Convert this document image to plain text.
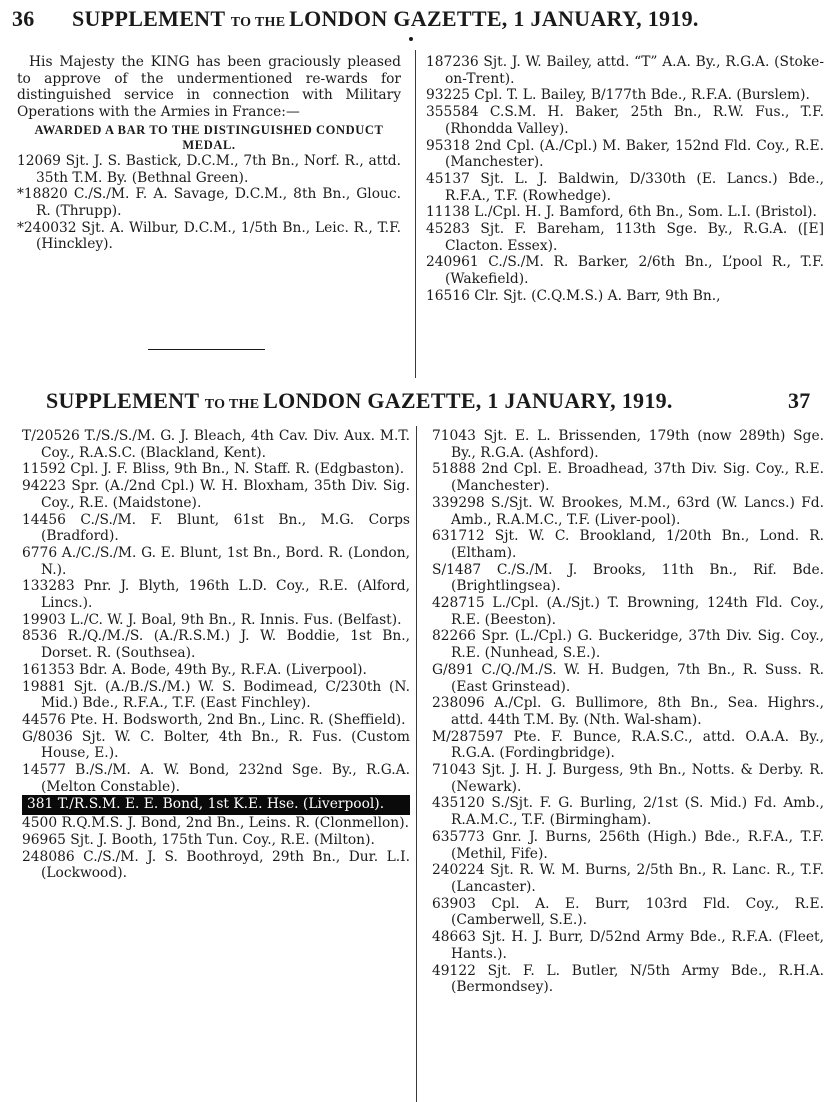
36 SUPPLEMENT TO THE LONDON GAZETTE, 1 JANUARY, 1919.

His Majesty the KING has been graciously pleased to approve of the undermentioned re-wards for distinguished service in connection with Military Operations with the Armies in France:—

AWARDED A BAR TO THE DISTINGUISHED CONDUCT MEDAL.

12069 Sjt. J. S. Bastick, D.C.M., 7th Bn., Norf. R., attd. 35th T.M. By. (Bethnal Green).

*18820 C./S./M. F. A. Savage, D.C.M., 8th Bn., Glouc. R. (Thrupp).

*240032 Sjt. A. Wilbur, D.C.M., 1/5th Bn., Leic. R., T.F. (Hinckley).

187236 Sjt. J. W. Bailey, attd. “T” A.A. By., R.G.A. (Stoke-on-Trent).

93225 Cpl. T. L. Bailey, B/177th Bde., R.F.A. (Burslem).

355584 C.S.M. H. Baker, 25th Bn., R.W. Fus., T.F. (Rhondda Valley).

95318 2nd Cpl. (A./Cpl.) M. Baker, 152nd Fld. Coy., R.E. (Manchester).

45137 Sjt. L. J. Baldwin, D/330th (E. Lancs.) Bde., R.F.A., T.F. (Rowhedge).

11138 L./Cpl. H. J. Bamford, 6th Bn., Som. L.I. (Bristol).

45283 Sjt. F. Bareham, 113th Sge. By., R.G.A. ([E] Clacton. Essex).

240961 C./S./M. R. Barker, 2/6th Bn., L’pool R., T.F. (Wakefield).

16516 Clr. Sjt. (C.Q.M.S.) A. Barr, 9th Bn.,

SUPPLEMENT TO THE LONDON GAZETTE, 1 JANUARY, 1919.	37

T/20526 T./S./S./M. G. J. Bleach, 4th Cav. Div. Aux. M.T. Coy., R.A.S.C. (Blackland, Kent).

11592 Cpl. J. F. Bliss, 9th Bn., N. Staff. R. (Edgbaston).

94223 Spr. (A./2nd Cpl.) W. H. Bloxham, 35th Div. Sig. Coy., R.E. (Maidstone).

14456 C./S./M. F. Blunt, 61st Bn., M.G. Corps (Bradford).

6776 A./C./S./M. G. E. Blunt, 1st Bn., Bord. R. (London, N.).

133283 Pnr. J. Blyth, 196th L.D. Coy., R.E. (Alford, Lincs.).

19903 L./C. W. J. Boal, 9th Bn., R. Innis. Fus. (Belfast).

8536 R./Q./M./S. (A./R.S.M.) J. W. Boddie, 1st Bn., Dorset. R. (Southsea).

161353 Bdr. A. Bode, 49th By., R.F.A. (Liverpool).

19881 Sjt. (A./B./S./M.) W. S. Bodimead, C/230th (N. Mid.) Bde., R.F.A., T.F. (East Finchley).

44576 Pte. H. Bodsworth, 2nd Bn., Linc. R. (Sheffield).

G/8036 Sjt. W. C. Bolter, 4th Bn., R. Fus. (Custom House, E.).

14577 B./S./M. A. W. Bond, 232nd Sge. By., R.G.A. (Melton Constable).

381 T./R.S.M. E. E. Bond, 1st K.E. Hse. (Liverpool).

4500 R.Q.M.S. J. Bond, 2nd Bn., Leins. R. (Clonmellon).

96965 Sjt. J. Booth, 175th Tun. Coy., R.E. (Milton).

248086 C./S./M. J. S. Boothroyd, 29th Bn., Dur. L.I. (Lockwood).

71043 Sjt. E. L. Brissenden, 179th (now 289th) Sge. By., R.G.A. (Ashford).

51888 2nd Cpl. E. Broadhead, 37th Div. Sig. Coy., R.E. (Manchester).

339298 S./Sjt. W. Brookes, M.M., 63rd (W. Lancs.) Fd. Amb., R.A.M.C., T.F. (Liver-pool).

631712 Sjt. W. C. Brookland, 1/20th Bn., Lond. R. (Eltham).

S/1487 C./S./M. J. Brooks, 11th Bn., Rif. Bde. (Brightlingsea).

428715 L./Cpl. (A./Sjt.) T. Browning, 124th Fld. Coy., R.E. (Beeston).

82266 Spr. (L./Cpl.) G. Buckeridge, 37th Div. Sig. Coy., R.E. (Nunhead, S.E.).

G/891 C./Q./M./S. W. H. Budgen, 7th Bn., R. Suss. R. (East Grinstead).

238096 A./Cpl. G. Bullimore, 8th Bn., Sea. Highrs., attd. 44th T.M. By. (Nth. Wal-sham).

M/287597 Pte. F. Bunce, R.A.S.C., attd. O.A.A. By., R.G.A. (Fordingbridge).

71043 Sjt. J. H. J. Burgess, 9th Bn., Notts. & Derby. R. (Newark).

435120 S./Sjt. F. G. Burling, 2/1st (S. Mid.) Fd. Amb., R.A.M.C., T.F. (Birmingham).

635773 Gnr. J. Burns, 256th (High.) Bde., R.F.A., T.F. (Methil, Fife).

240224 Sjt. R. W. M. Burns, 2/5th Bn., R. Lanc. R., T.F. (Lancaster).

63903 Cpl. A. E. Burr, 103rd Fld. Coy., R.E. (Camberwell, S.E.).

48663 Sjt. H. J. Burr, D/52nd Army Bde., R.F.A. (Fleet, Hants.).

49122 Sjt. F. L. Butler, N/5th Army Bde., R.H.A. (Bermondsey).
